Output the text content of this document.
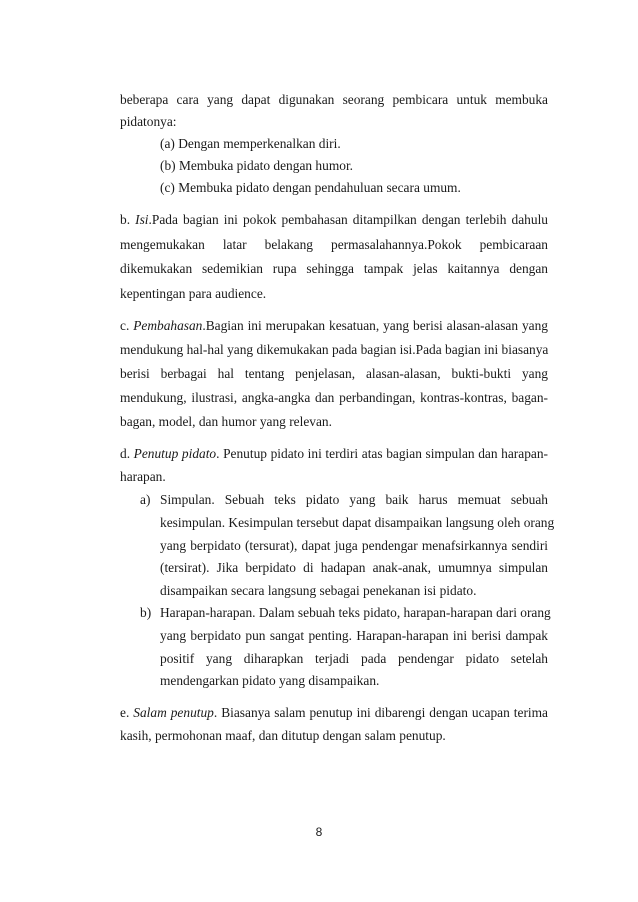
beberapa cara yang dapat digunakan seorang pembicara untuk membuka
pidatonya:
(a) Dengan memperkenalkan diri.
(b) Membuka pidato dengan humor.
(c) Membuka pidato dengan pendahuluan secara umum.
b. Isi.Pada bagian ini pokok pembahasan ditampilkan dengan terlebih dahulu
mengemukakan latar belakang permasalahannya.Pokok pembicaraan
dikemukakan sedemikian rupa sehingga tampak jelas kaitannya dengan
kepentingan para audience.
c. Pembahasan.Bagian ini merupakan kesatuan, yang berisi alasan-alasan yang
mendukung hal-hal yang dikemukakan pada bagian isi.Pada bagian ini biasanya
berisi berbagai hal tentang penjelasan, alasan-alasan, bukti-bukti yang
mendukung, ilustrasi, angka-angka dan perbandingan, kontras-kontras, bagan-
bagan, model, dan humor yang relevan.
d. Penutup pidato. Penutup pidato ini terdiri atas bagian simpulan dan harapan-
harapan.
a) Simpulan. Sebuah teks pidato yang baik harus memuat sebuah
kesimpulan. Kesimpulan tersebut dapat disampaikan langsung oleh orang
yang berpidato (tersurat), dapat juga pendengar menafsirkannya sendiri
(tersirat). Jika berpidato di hadapan anak-anak, umumnya simpulan
disampaikan secara langsung sebagai penekanan isi pidato.
b) Harapan-harapan. Dalam sebuah teks pidato, harapan-harapan dari orang
yang berpidato pun sangat penting. Harapan-harapan ini berisi dampak
positif yang diharapkan terjadi pada pendengar pidato setelah
mendengarkan pidato yang disampaikan.
e. Salam penutup. Biasanya salam penutup ini dibarengi dengan ucapan terima
kasih, permohonan maaf, dan ditutup dengan salam penutup.
8
